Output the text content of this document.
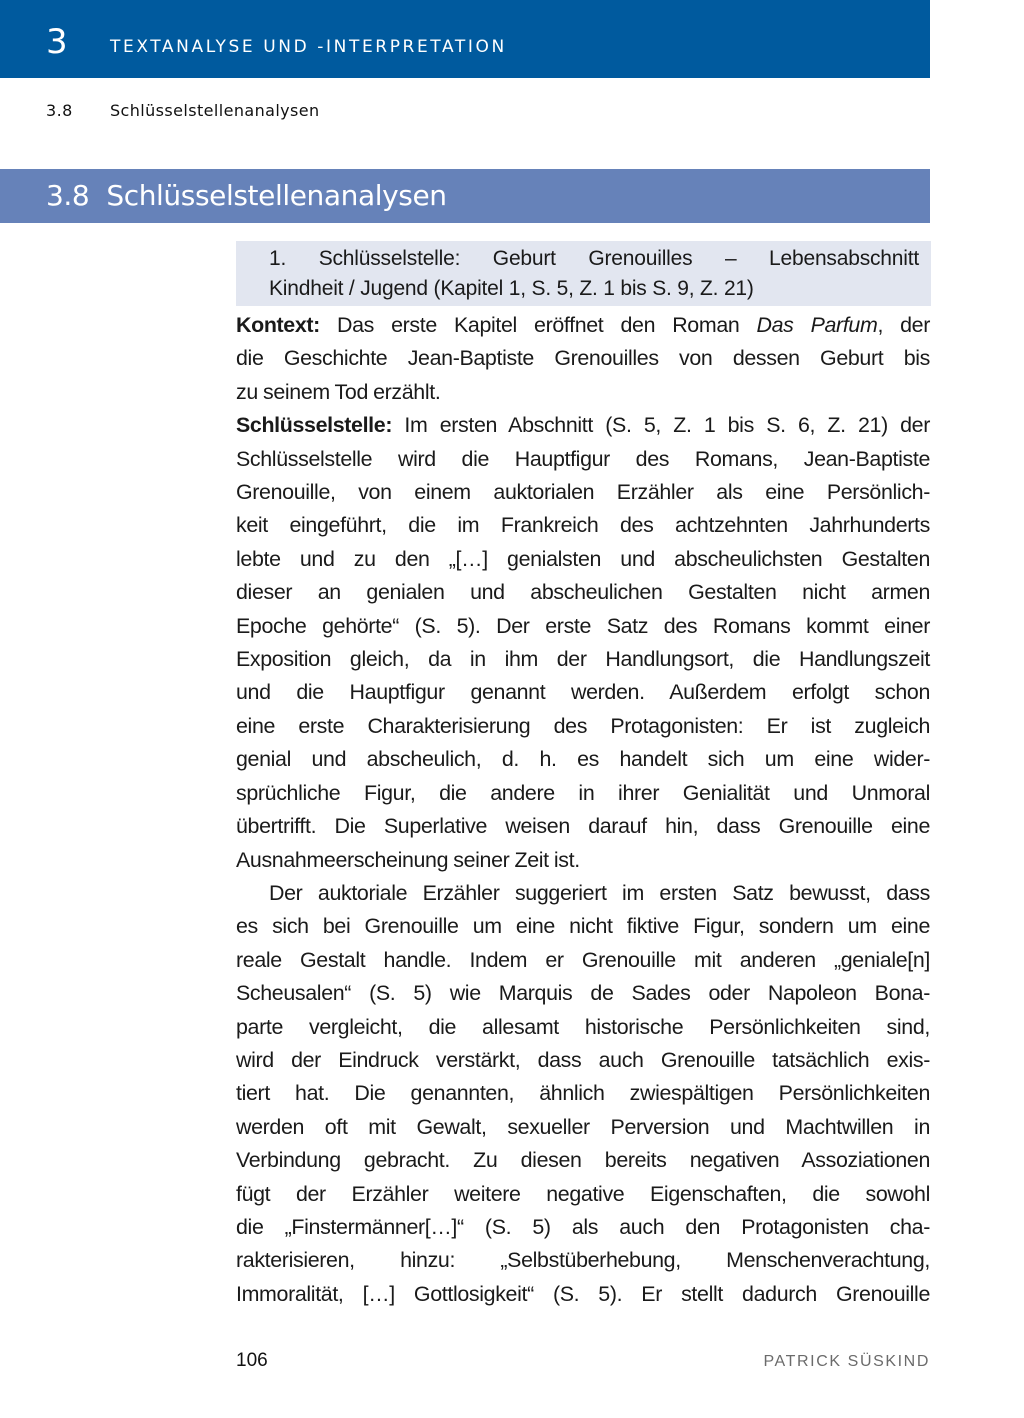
3 TEXTANALYSE UND -INTERPRETATION
3.8 Schlüsselstellenanalysen
3.8  Schlüsselstellenanalysen
1. Schlüsselstelle: Geburt Grenouilles – Lebensabschnitt
Kindheit / Jugend (Kapitel 1, S. 5, Z. 1 bis S. 9, Z. 21)

Kontext: Das erste Kapitel eröffnet den Roman Das Parfum, der
die Geschichte Jean-Baptiste Grenouilles von dessen Geburt bis
zu seinem Tod erzählt.

Schlüsselstelle: Im ersten Abschnitt (S. 5, Z. 1 bis S. 6, Z. 21) der
Schlüsselstelle wird die Hauptfigur des Romans, Jean-Baptiste
Grenouille, von einem auktorialen Erzähler als eine Persönlich-
keit eingeführt, die im Frankreich des achtzehnten Jahrhunderts
lebte und zu den „[…] genialsten und abscheulichsten Gestalten
dieser an genialen und abscheulichen Gestalten nicht armen
Epoche gehörte“ (S. 5). Der erste Satz des Romans kommt einer
Exposition gleich, da in ihm der Handlungsort, die Handlungszeit
und die Hauptfigur genannt werden. Außerdem erfolgt schon
eine erste Charakterisierung des Protagonisten: Er ist zugleich
genial und abscheulich, d. h. es handelt sich um eine wider-
sprüchliche Figur, die andere in ihrer Genialität und Unmoral
übertrifft. Die Superlative weisen darauf hin, dass Grenouille eine
Ausnahmeerscheinung seiner Zeit ist.

Der auktoriale Erzähler suggeriert im ersten Satz bewusst, dass
es sich bei Grenouille um eine nicht fiktive Figur, sondern um eine
reale Gestalt handle. Indem er Grenouille mit anderen „geniale[n]
Scheusalen“ (S. 5) wie Marquis de Sades oder Napoleon Bona-
parte vergleicht, die allesamt historische Persönlichkeiten sind,
wird der Eindruck verstärkt, dass auch Grenouille tatsächlich exis-
tiert hat. Die genannten, ähnlich zwiespältigen Persönlichkeiten
werden oft mit Gewalt, sexueller Perversion und Machtwillen in
Verbindung gebracht. Zu diesen bereits negativen Assoziationen
fügt der Erzähler weitere negative Eigenschaften, die sowohl
die „Finstermänner[…]“ (S. 5) als auch den Protagonisten cha-
rakterisieren, hinzu: „Selbstüberhebung, Menschenverachtung,
Immoralität, […] Gottlosigkeit“ (S. 5). Er stellt dadurch Grenouille

106	PATRICK SÜSKIND
